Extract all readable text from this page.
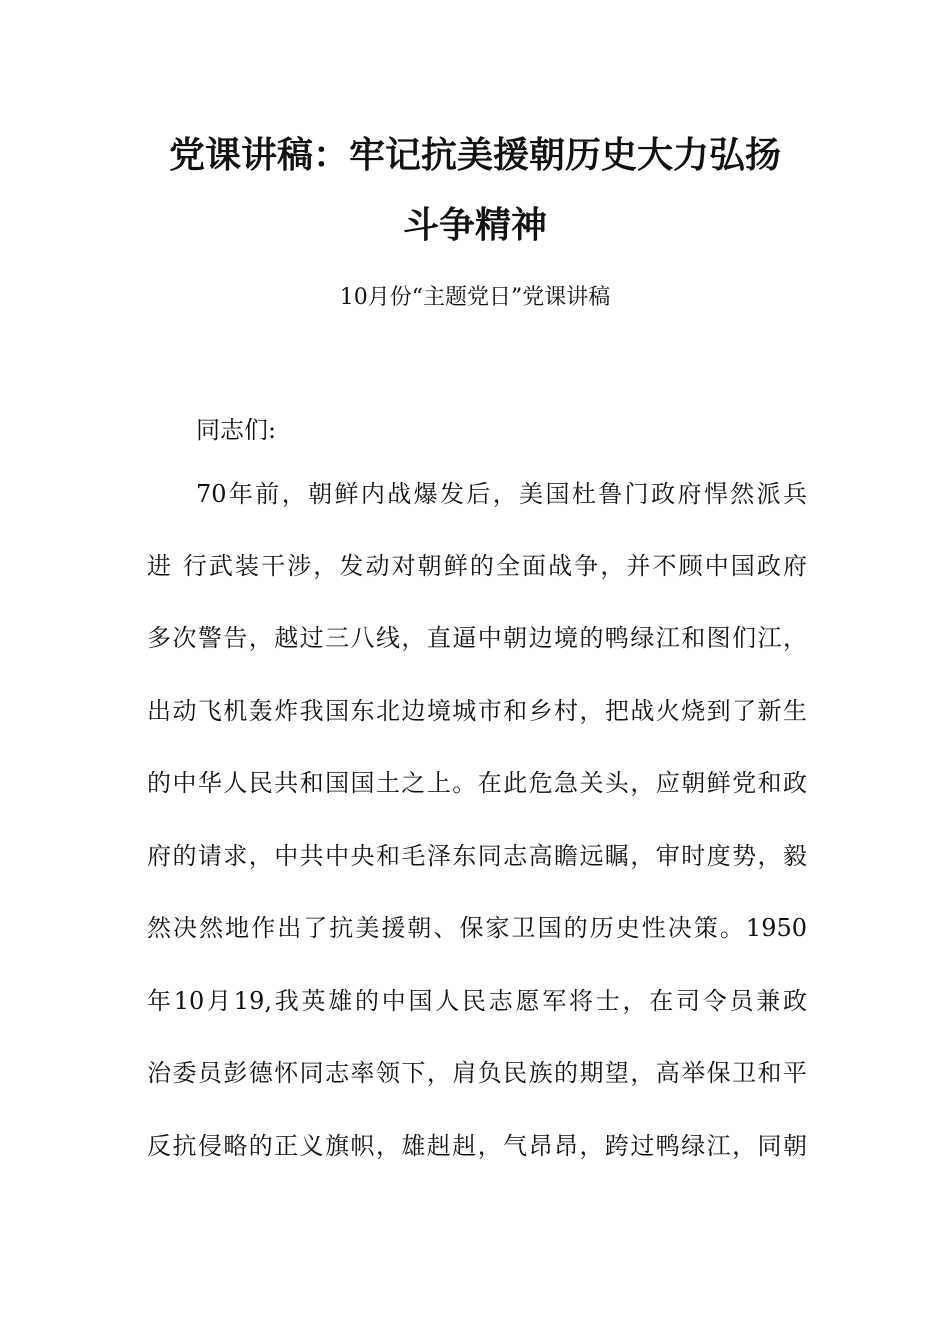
党课讲稿：牢记抗美援朝历史大力弘扬
斗争精神

10月份“主题党日”党课讲稿

同志们:

70年前，朝鲜内战爆发后，美国杜鲁门政府悍然派兵

进 行武装干涉，发动对朝鲜的全面战争，并不顾中国政府

多次警告，越过三八线，直逼中朝边境的鸭绿江和图们江，

出动飞机轰炸我国东北边境城市和乡村，把战火烧到了新生

的中华人民共和国国土之上。在此危急关头，应朝鲜党和政

府的请求，中共中央和毛泽东同志高瞻远瞩，审时度势，毅

然决然地作出了抗美援朝、保家卫国的历史性决策。1950

年10月19,我英雄的中国人民志愿军将士，在司令员兼政

治委员彭德怀同志率领下，肩负民族的期望，高举保卫和平

反抗侵略的正义旗帜，雄赳赳，气昂昂，跨过鸭绿江，同朝
